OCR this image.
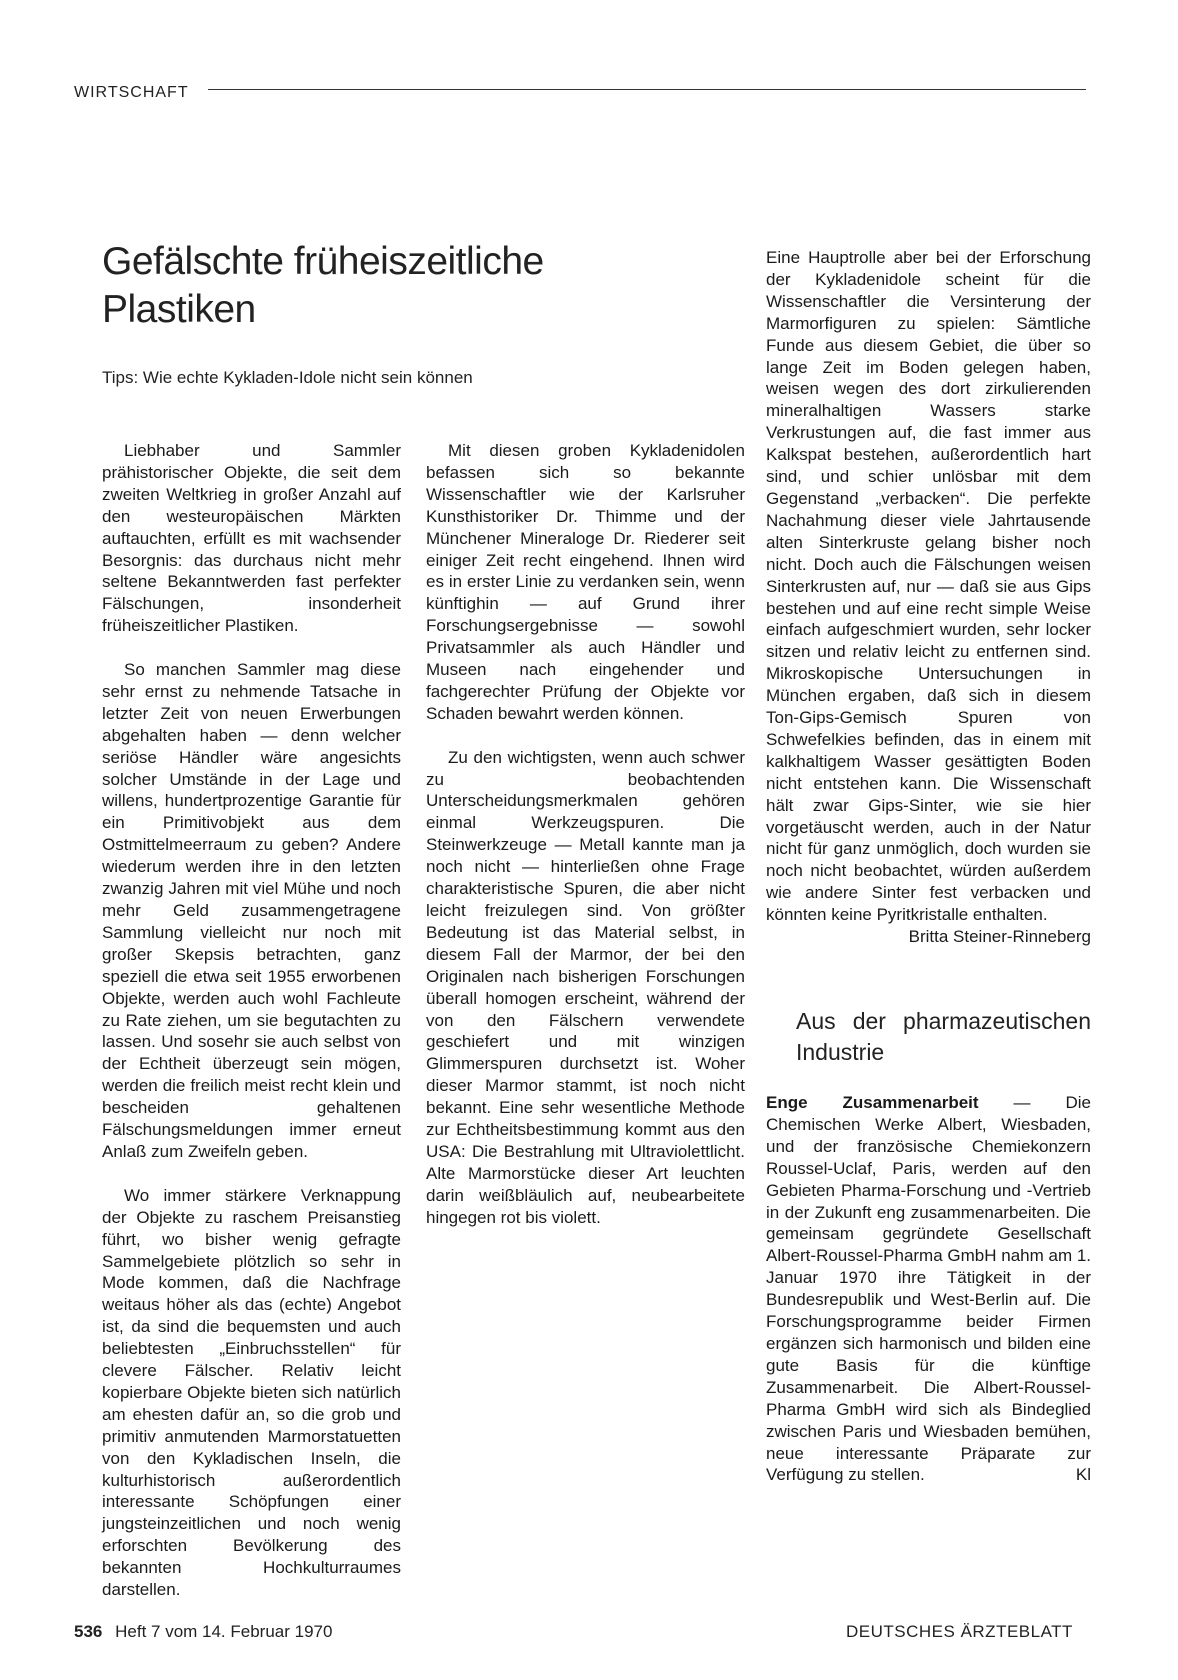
WIRTSCHAFT
Gefälschte früheiszeitliche Plastiken
Tips: Wie echte Kykladen-Idole nicht sein können

Liebhaber und Sammler prähistorischer Objekte, die seit dem zweiten Weltkrieg in großer Anzahl auf den westeuropäischen Märkten auftauchten, erfüllt es mit wachsender Besorgnis: das durchaus nicht mehr seltene Bekanntwerden fast perfekter Fälschungen, insonderheit früheiszeitlicher Plastiken.

So manchen Sammler mag diese sehr ernst zu nehmende Tatsache in letzter Zeit von neuen Erwerbungen abgehalten haben — denn welcher seriöse Händler wäre angesichts solcher Umstände in der Lage und willens, hundertprozentige Garantie für ein Primitivobjekt aus dem Ostmittelmeerraum zu geben? Andere wiederum werden ihre in den letzten zwanzig Jahren mit viel Mühe und noch mehr Geld zusammengetragene Sammlung vielleicht nur noch mit großer Skepsis betrachten, ganz speziell die etwa seit 1955 erworbenen Objekte, werden auch wohl Fachleute zu Rate ziehen, um sie begutachten zu lassen. Und sosehr sie auch selbst von der Echtheit überzeugt sein mögen, werden die freilich meist recht klein und bescheiden gehaltenen Fälschungsmeldungen immer erneut Anlaß zum Zweifeln geben.

Wo immer stärkere Verknappung der Objekte zu raschem Preisanstieg führt, wo bisher wenig gefragte Sammelgebiete plötzlich so sehr in Mode kommen, daß die Nachfrage weitaus höher als das (echte) Angebot ist, da sind die bequemsten und auch beliebtesten „Einbruchsstellen“ für clevere Fälscher. Relativ leicht kopierbare Objekte bieten sich natürlich am ehesten dafür an, so die grob und primitiv anmutenden Marmorstatuetten von den Kykladischen Inseln, die kulturhistorisch außerordentlich interessante Schöpfungen einer jungsteinzeitlichen und noch wenig erforschten Bevölkerung des bekannten Hochkulturraumes darstellen.

Mit diesen groben Kykladenidolen befassen sich so bekannte Wissenschaftler wie der Karlsruher Kunsthistoriker Dr. Thimme und der Münchener Mineraloge Dr. Riederer seit einiger Zeit recht eingehend. Ihnen wird es in erster Linie zu verdanken sein, wenn künftighin — auf Grund ihrer Forschungsergebnisse — sowohl Privatsammler als auch Händler und Museen nach eingehender und fachgerechter Prüfung der Objekte vor Schaden bewahrt werden können.

Zu den wichtigsten, wenn auch schwer zu beobachtenden Unterscheidungsmerkmalen gehören einmal Werkzeugspuren. Die Steinwerkzeuge — Metall kannte man ja noch nicht — hinterließen ohne Frage charakteristische Spuren, die aber nicht leicht freizulegen sind. Von größter Bedeutung ist das Material selbst, in diesem Fall der Marmor, der bei den Originalen nach bisherigen Forschungen überall homogen erscheint, während der von den Fälschern verwendete geschiefert und mit winzigen Glimmerspuren durchsetzt ist. Woher dieser Marmor stammt, ist noch nicht bekannt. Eine sehr wesentliche Methode zur Echtheitsbestimmung kommt aus den USA: Die Bestrahlung mit Ultraviolettlicht. Alte Marmorstücke dieser Art leuchten darin weißbläulich auf, neubearbeitete hingegen rot bis violett.

Eine Hauptrolle aber bei der Erforschung der Kykladenidole scheint für die Wissenschaftler die Versinterung der Marmorfiguren zu spielen: Sämtliche Funde aus diesem Gebiet, die über so lange Zeit im Boden gelegen haben, weisen wegen des dort zirkulierenden mineralhaltigen Wassers starke Verkrustungen auf, die fast immer aus Kalkspat bestehen, außerordentlich hart sind, und schier unlösbar mit dem Gegenstand „verbacken“. Die perfekte Nachahmung dieser viele Jahrtausende alten Sinterkruste gelang bisher noch nicht. Doch auch die Fälschungen weisen Sinterkrusten auf, nur — daß sie aus Gips bestehen und auf eine recht simple Weise einfach aufgeschmiert wurden, sehr locker sitzen und relativ leicht zu entfernen sind. Mikroskopische Untersuchungen in München ergaben, daß sich in diesem Ton-Gips-Gemisch Spuren von Schwefelkies befinden, das in einem mit kalkhaltigem Wasser gesättigten Boden nicht entstehen kann. Die Wissenschaft hält zwar Gips-Sinter, wie sie hier vorgetäuscht werden, auch in der Natur nicht für ganz unmöglich, doch wurden sie noch nicht beobachtet, würden außerdem wie andere Sinter fest verbacken und könnten keine Pyritkristalle enthalten.

Britta Steiner-Rinneberg
Aus der pharmazeutischen Industrie

Enge Zusammenarbeit — Die Chemischen Werke Albert, Wiesbaden, und der französische Chemiekonzern Roussel-Uclaf, Paris, werden auf den Gebieten Pharma-Forschung und -Vertrieb in der Zukunft eng zusammenarbeiten. Die gemeinsam gegründete Gesellschaft Albert-Roussel-Pharma GmbH nahm am 1. Januar 1970 ihre Tätigkeit in der Bundesrepublik und West-Berlin auf. Die Forschungsprogramme beider Firmen ergänzen sich harmonisch und bilden eine gute Basis für die künftige Zusammenarbeit. Die Albert-Roussel-Pharma GmbH wird sich als Bindeglied zwischen Paris und Wiesbaden bemühen, neue interessante Präparate zur Verfügung zu stellen.	Kl

536 Heft 7 vom 14. Februar 1970	DEUTSCHES ÄRZTEBLATT
